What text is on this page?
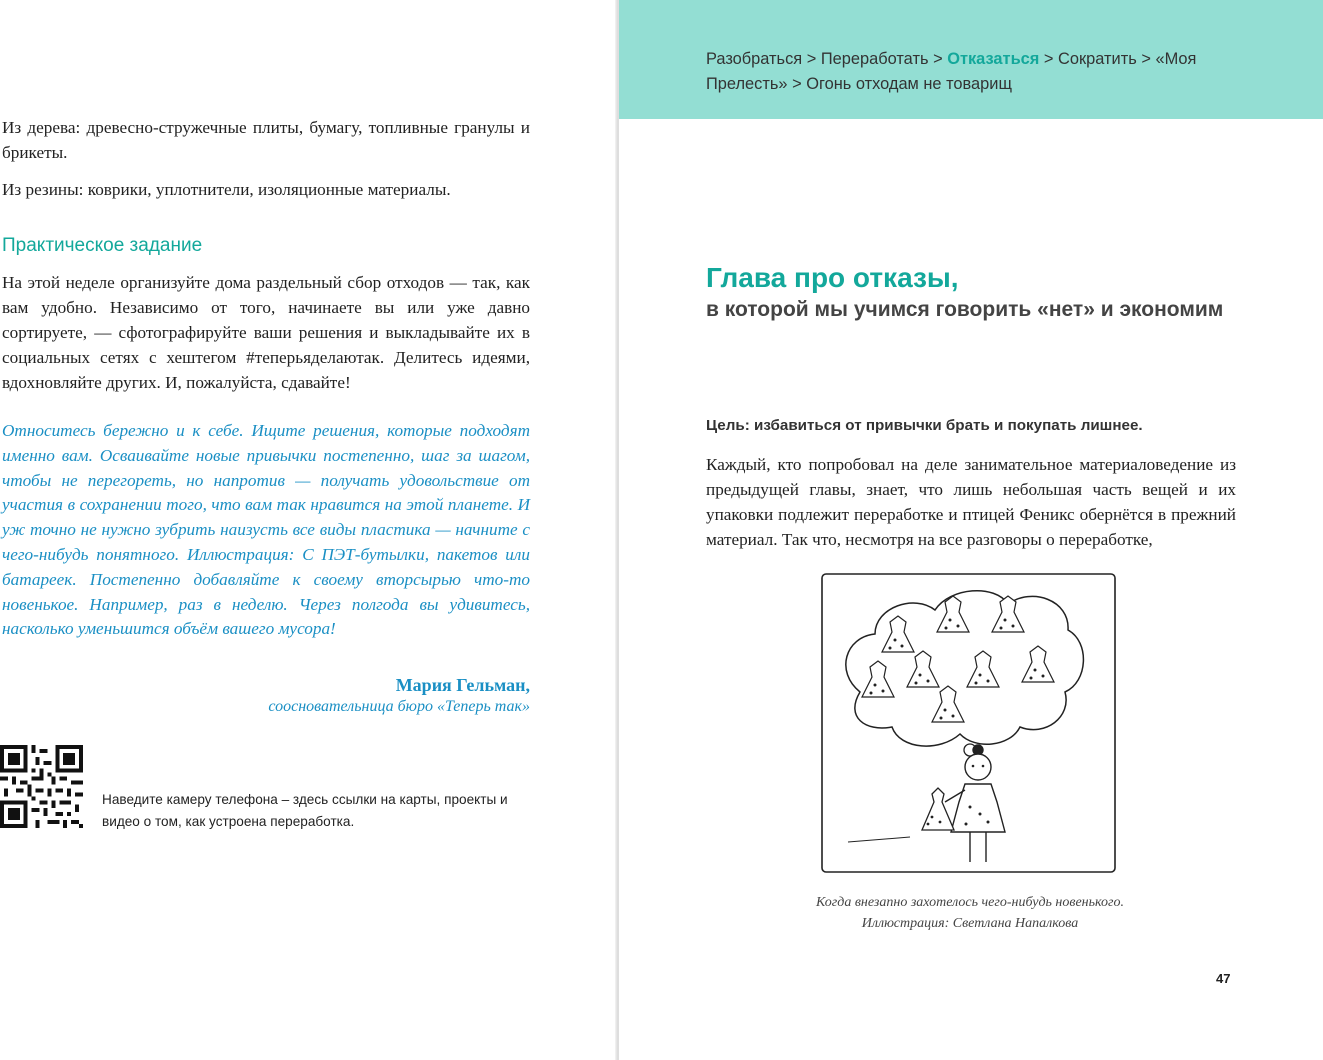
Из дерева: древесно-стружечные плиты, бумагу, топливные гранулы и брикеты.

Из резины: коврики, уплотнители, изоляционные материалы.

Практическое задание

На этой неделе организуйте дома раздельный сбор отходов — так, как вам удобно. Независимо от того, начинаете вы или уже давно сортируете, — сфотографируйте ваши решения и выкладывайте их в социальных сетях с хештегом #теперьяделаютак. Делитесь идеями, вдохновляйте других. И, пожалуйста, сдавайте!

Относитесь бережно и к себе. Ищите решения, которые подходят именно вам. Осваивайте новые привычки постепенно, шаг за шагом, чтобы не перегореть, но напротив — получать удовольствие от участия в сохранении того, что вам так нравится на этой планете. И уж точно не нужно зубрить наизусть все виды пластика — начните с чего-нибудь понятного. Иллюстрация: С ПЭТ-бутылки, пакетов или батареек. Постепенно добавляйте к своему вторсырью что-то новенькое. Например, раз в неделю. Через полгода вы удивитесь, насколько уменьшится объём вашего мусора!

Мария Гельман,
соосновательница бюро «Теперь так»

Наведите камеру телефона – здесь ссылки на карты, проекты и видео о том, как устроена переработка.

Разобраться > Переработать > Отказаться > Сократить > «Моя Прелесть» > Огонь отходам не товарищ

Глава про отказы,
в которой мы учимся говорить «нет» и экономим

Цель: избавиться от привычки брать и покупать лишнее.

Каждый, кто попробовал на деле занимательное материаловедение из предыдущей главы, знает, что лишь небольшая часть вещей и их упаковки подлежит переработке и птицей Феникс обернётся в прежний материал. Так что, несмотря на все разговоры о переработке,

Когда внезапно захотелось чего-нибудь новенького.
Иллюстрация: Светлана Напалкова

47
